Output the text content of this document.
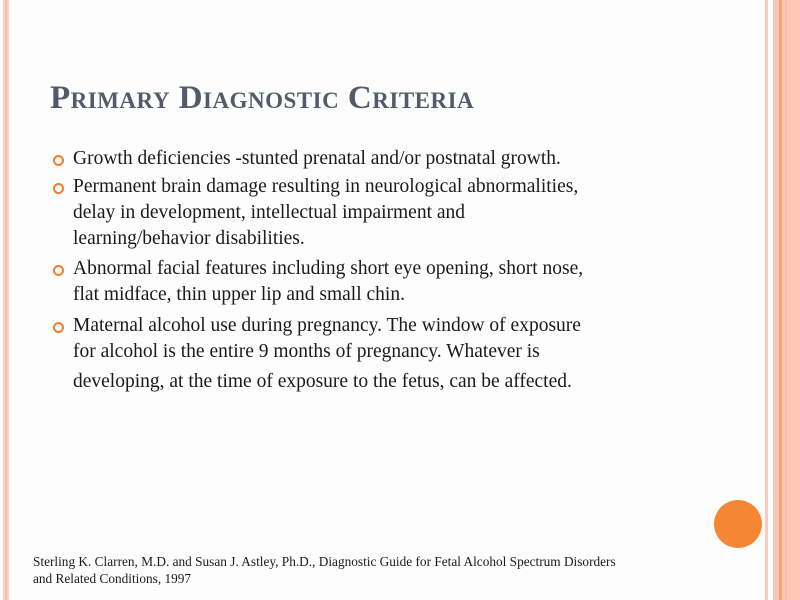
Primary Diagnostic Criteria
Growth deficiencies -stunted prenatal and/or postnatal growth.
Permanent brain damage resulting in neurological abnormalities,
delay in development, intellectual impairment and
learning/behavior disabilities.
Abnormal facial features including short eye opening, short nose,
flat midface, thin upper lip and small chin.
Maternal alcohol use during pregnancy. The window of exposure
for alcohol is the entire 9 months of pregnancy. Whatever is
developing, at the time of exposure to the fetus, can be affected.
Sterling K. Clarren, M.D. and Susan J. Astley, Ph.D., Diagnostic Guide for Fetal Alcohol Spectrum Disorders
and Related Conditions, 1997
